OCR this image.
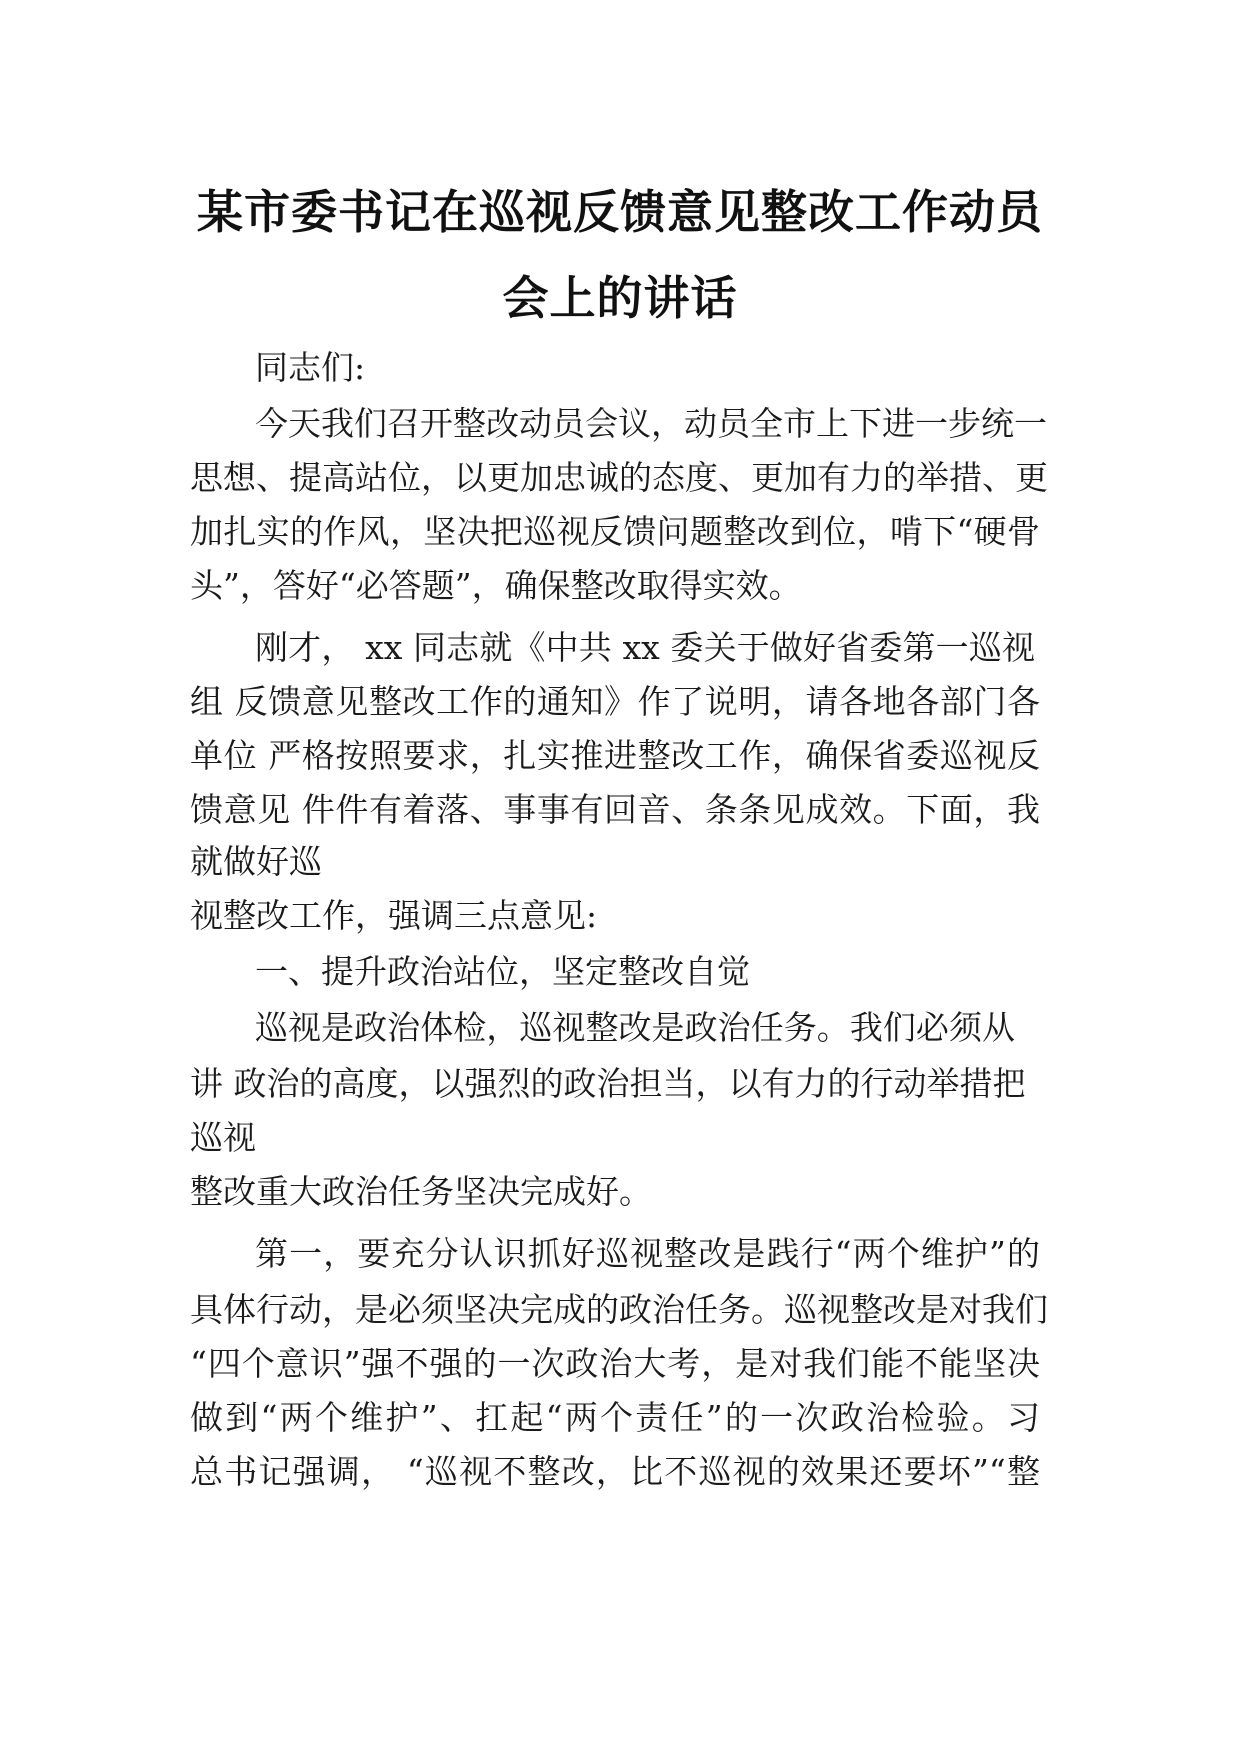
某市委书记在巡视反馈意见整改工作动员
会上的讲话
同志们:
今天我们召开整改动员会议，动员全市上下进一步统一
思想、提高站位，以更加忠诚的态度、更加有力的举措、更
加扎实的作风，坚决把巡视反馈问题整改到位，啃下“硬骨
头”，答好“必答题”，确保整改取得实效。
刚才， xx 同志就《中共 xx 委关于做好省委第一巡视
组 反馈意见整改工作的通知》作了说明，请各地各部门各
单位 严格按照要求，扎实推进整改工作，确保省委巡视反
馈意见 件件有着落、事事有回音、条条见成效。下面，我
就做好巡
视整改工作，强调三点意见:
一、提升政治站位，坚定整改自觉
巡视是政治体检，巡视整改是政治任务。我们必须从
讲 政治的高度，以强烈的政治担当，以有力的行动举措把
巡视
整改重大政治任务坚决完成好。
第一，要充分认识抓好巡视整改是践行“两个维护”的
具体行动，是必须坚决完成的政治任务。巡视整改是对我们
“四个意识”强不强的一次政治大考，是对我们能不能坚决
做到“两个维护”、扛起“两个责任”的一次政治检验。习
总书记强调， “巡视不整改，比不巡视的效果还要坏”“整
